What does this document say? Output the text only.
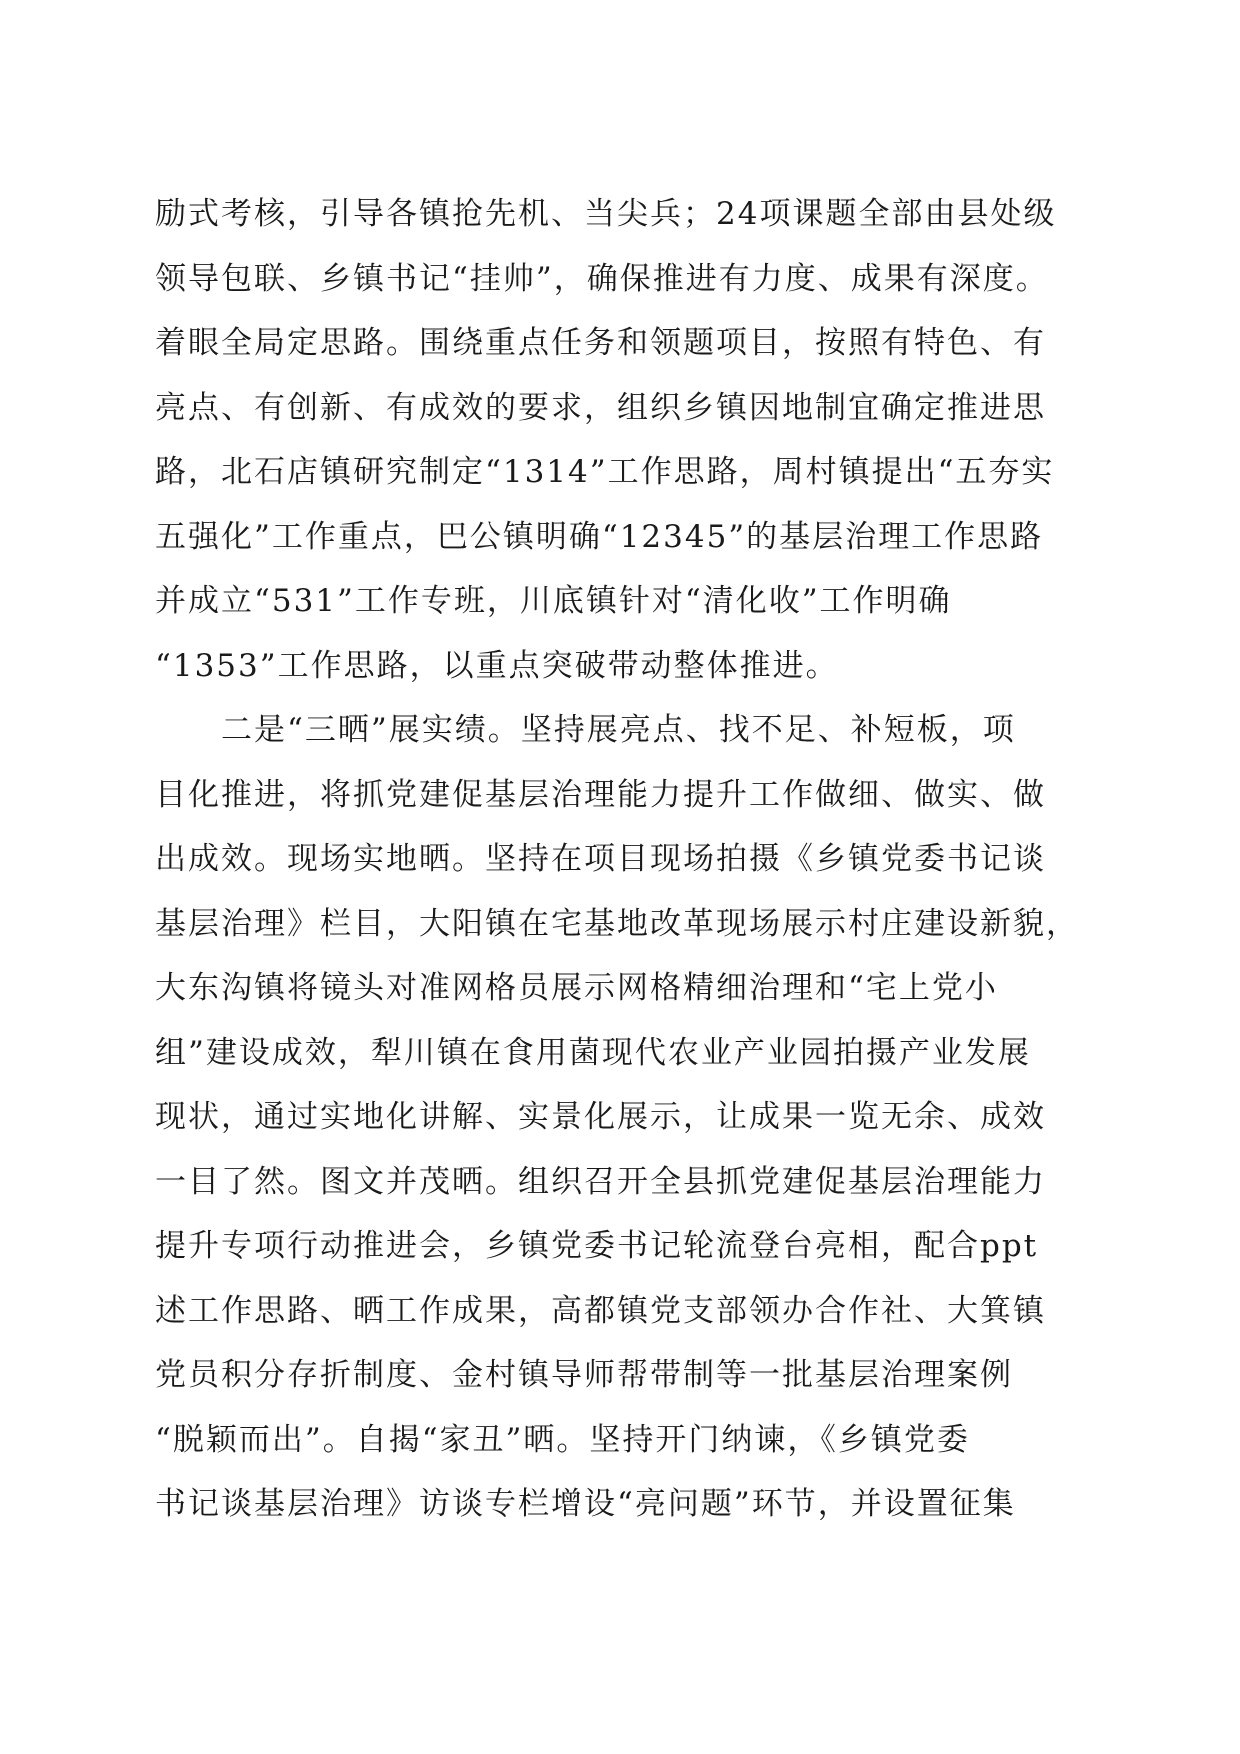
励式考核，引导各镇抢先机、当尖兵；24项课题全部由县处级
领导包联、乡镇书记“挂帅”，确保推进有力度、成果有深度。
着眼全局定思路。围绕重点任务和领题项目，按照有特色、有
亮点、有创新、有成效的要求，组织乡镇因地制宜确定推进思
路，北石店镇研究制定“1314”工作思路，周村镇提出“五夯实
五强化”工作重点，巴公镇明确“12345”的基层治理工作思路
并成立“531”工作专班，川底镇针对“清化收”工作明确
“1353”工作思路，以重点突破带动整体推进。
　　二是“三晒”展实绩。坚持展亮点、找不足、补短板，项
目化推进，将抓党建促基层治理能力提升工作做细、做实、做
出成效。现场实地晒。坚持在项目现场拍摄《乡镇党委书记谈
基层治理》栏目，大阳镇在宅基地改革现场展示村庄建设新貌，
大东沟镇将镜头对准网格员展示网格精细治理和“宅上党小
组”建设成效，犁川镇在食用菌现代农业产业园拍摄产业发展
现状，通过实地化讲解、实景化展示，让成果一览无余、成效
一目了然。图文并茂晒。组织召开全县抓党建促基层治理能力
提升专项行动推进会，乡镇党委书记轮流登台亮相，配合ppt
述工作思路、晒工作成果，高都镇党支部领办合作社、大箕镇
党员积分存折制度、金村镇导师帮带制等一批基层治理案例
“脱颖而出”。自揭“家丑”晒。坚持开门纳谏，《乡镇党委
书记谈基层治理》访谈专栏增设“亮问题”环节，并设置征集
